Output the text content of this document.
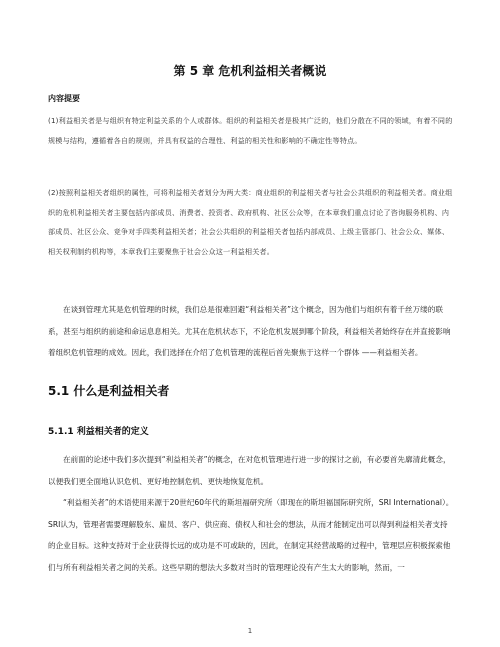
第 5 章 危机利益相关者概说
内容提要

(1)利益相关者是与组织有特定利益关系的个人或群体。组织的利益相关者是极其广泛的，他们分散在不同的领域，有着不同的规模与结构，遵循着各自的规则，并具有权益的合理性、利益的相关性和影响的不确定性等特点。

(2)按照利益相关者组织的属性，可将利益相关者划分为两大类：商业组织的利益相关者与社会公共组织的利益相关者。商业组织的危机利益相关者主要包括内部成员、消费者、投资者、政府机构、社区公众等，在本章我们重点讨论了咨询服务机构、内部成员、社区公众、竞争对手四类利益相关者；社会公共组织的利益相关者包括内部成员、上级主管部门、社会公众、媒体、相关权利制约机构等，本章我们主要聚焦于社会公众这一利益相关者。

在谈到管理尤其是危机管理的时候，我们总是很难回避“利益相关者”这个概念，因为他们与组织有着千丝万缕的联系，甚至与组织的前途和命运息息相关。尤其在危机状态下，不论危机发展到哪个阶段，利益相关者始终存在并直接影响着组织危机管理的成效。因此，我们选择在介绍了危机管理的流程后首先聚焦于这样一个群体 ——利益相关者。

5.1 什么是利益相关者
5.1.1 利益相关者的定义

在前面的论述中我们多次提到“利益相关者”的概念，在对危机管理进行进一步的探讨之前，有必要首先廓清此概念，以便我们更全面地认识危机、更好地控制危机、更快地恢复危机。

“利益相关者”的术语使用来源于20世纪60年代的斯坦福研究所（即现在的斯坦福国际研究所，SRI International）。SRI认为，管理者需要理解股东、雇员、客户、供应商、债权人和社会的想法，从而才能制定出可以得到利益相关者支持的企业目标。这种支持对于企业获得长远的成功是不可或缺的，因此，在制定其经营战略的过程中，管理层应积极探索他们与所有利益相关者之间的关系。这些早期的想法大多数对当时的管理理论没有产生太大的影响，然而，一

1
